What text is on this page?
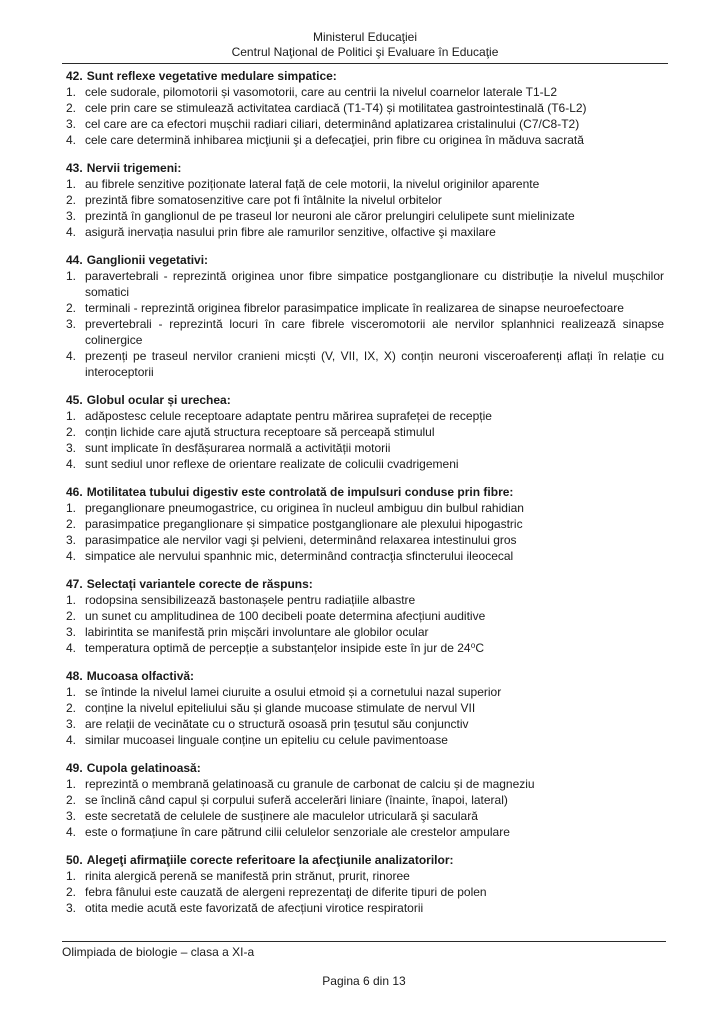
Ministerul Educaţiei
Centrul Naţional de Politici şi Evaluare în Educaţie
42. Sunt reflexe vegetative medulare simpatice:
1. cele sudorale, pilomotorii și vasomotorii, care au centrii la nivelul coarnelor laterale T1-L2
2. cele prin care se stimulează activitatea cardiacă (T1-T4) și motilitatea gastrointestinală (T6-L2)
3. cel care are ca efectori mușchii radiari ciliari, determinând aplatizarea cristalinului (C7/C8-T2)
4. cele care determină inhibarea micţiunii şi a defecaţiei, prin fibre cu originea în măduva sacrată
43. Nervii trigemeni:
1. au fibrele senzitive poziționate lateral față de cele motorii, la nivelul originilor aparente
2. prezintă fibre somatosenzitive care pot fi întâlnite la nivelul orbitelor
3. prezintă în ganglionul de pe traseul lor neuroni ale căror prelungiri celulipete sunt mielinizate
4. asigură inervația nasului prin fibre ale ramurilor senzitive, olfactive şi maxilare
44. Ganglionii vegetativi:
1. paravertebrali - reprezintă originea unor fibre simpatice postganglionare cu distribuție la nivelul mușchilor somatici
2. terminali - reprezintă originea fibrelor parasimpatice implicate în realizarea de sinapse neuroefectoare
3. prevertebrali - reprezintă locuri în care fibrele visceromotorii ale nervilor splanhnici realizează sinapse colinergice
4. prezenți pe traseul nervilor cranieni micști (V, VII, IX, X) conțin neuroni visceroaferenți aflați în relație cu interoceptorii
45. Globul ocular și urechea:
1. adăpostesc celule receptoare adaptate pentru mărirea suprafeței de recepție
2. conțin lichide care ajută structura receptoare să perceapă stimulul
3. sunt implicate în desfășurarea normală a activității motorii
4. sunt sediul unor reflexe de orientare realizate de coliculii cvadrigemeni
46. Motilitatea tubului digestiv este controlată de impulsuri conduse prin fibre:
1. preganglionare pneumogastrice, cu originea în nucleul ambiguu din bulbul rahidian
2. parasimpatice preganglionare și simpatice postganglionare ale plexului hipogastric
3. parasimpatice ale nervilor vagi şi pelvieni, determinând relaxarea intestinului gros
4. simpatice ale nervului spanhnic mic, determinând contracţia sfincterului ileocecal
47. Selectați variantele corecte de răspuns:
1. rodopsina sensibilizează bastonașele pentru radiațiile albastre
2. un sunet cu amplitudinea de 100 decibeli poate determina afecțiuni auditive
3. labirintita se manifestă prin mișcări involuntare ale globilor ocular
4. temperatura optimă de percepție a substanțelor insipide este în jur de 24⁰C
48. Mucoasa olfactivă:
1. se întinde la nivelul lamei ciuruite a osului etmoid și a cornetului nazal superior
2. conține la nivelul epiteliului său și glande mucoase stimulate de nervul VII
3. are relații de vecinătate cu o structură osoasă prin țesutul său conjunctiv
4. similar mucoasei linguale conține un epiteliu cu celule pavimentoase
49. Cupola gelatinoasă:
1. reprezintă o membrană gelatinoasă cu granule de carbonat de calciu și de magneziu
2. se înclină când capul și corpului suferă accelerări liniare (înainte, înapoi, lateral)
3. este secretată de celulele de susținere ale maculelor utriculară şi saculară
4. este o formațiune în care pătrund cilii celulelor senzoriale ale crestelor ampulare
50. Alegeţi afirmaţiile corecte referitoare la afecţiunile analizatorilor:
1. rinita alergică perenă se manifestă prin strănut, prurit, rinoree
2. febra fânului este cauzată de alergeni reprezentaţi de diferite tipuri de polen
3. otita medie acută este favorizată de afecțiuni virotice respiratorii
Olimpiada de biologie – clasa a XI-a
Pagina 6 din 13
